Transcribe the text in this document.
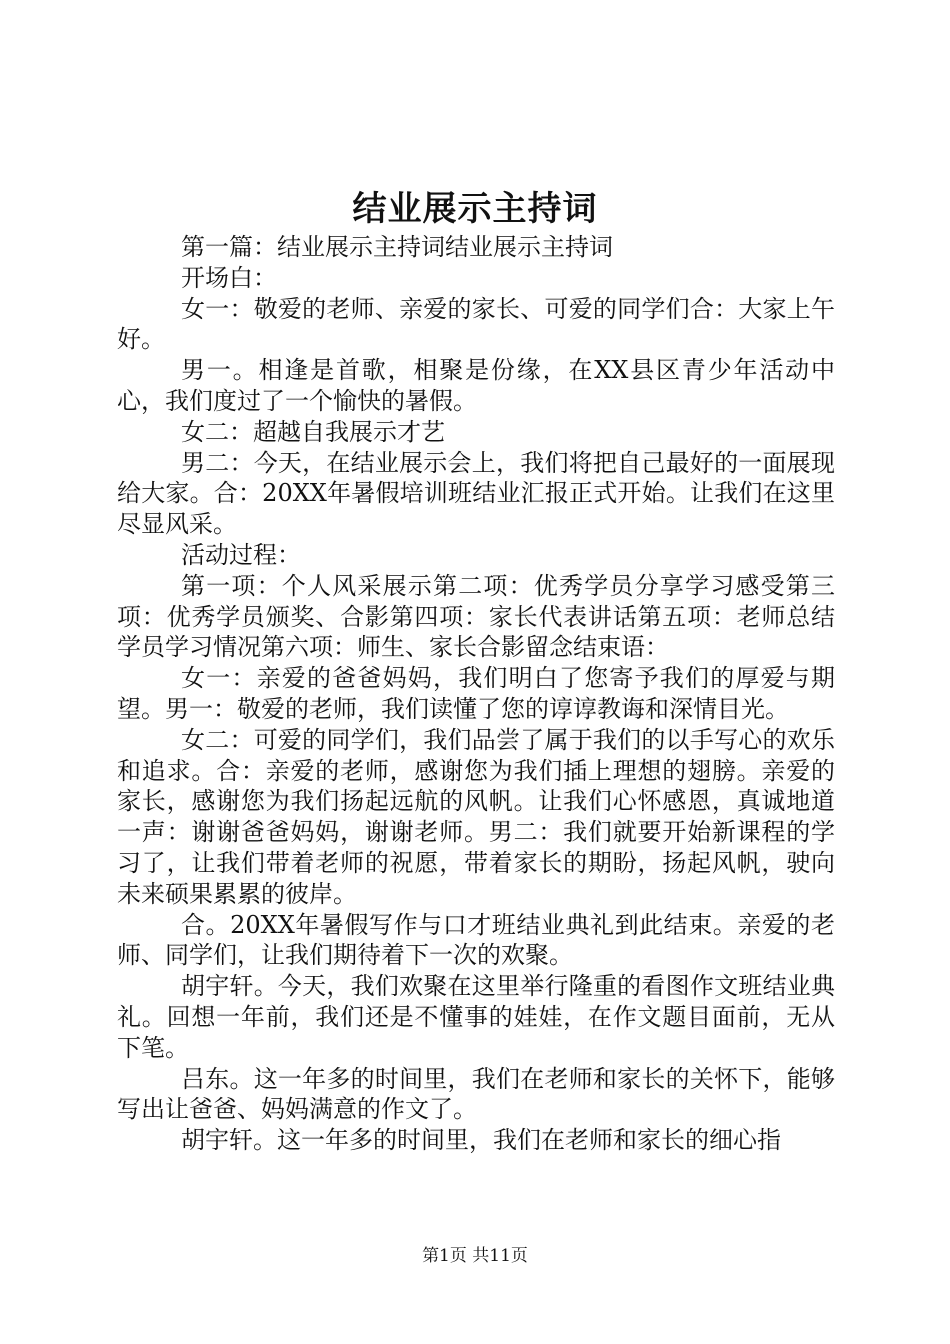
结业展示主持词

第一篇：结业展示主持词结业展示主持词

开场白：

女一：敬爱的老师、亲爱的家长、可爱的同学们合：大家上午好。

男一。相逢是首歌，相聚是份缘，在XX县区青少年活动中心，我们度过了一个愉快的暑假。

女二：超越自我展示才艺

男二：今天，在结业展示会上，我们将把自己最好的一面展现给大家。合：20XX年暑假培训班结业汇报正式开始。让我们在这里尽显风采。

活动过程：

第一项：个人风采展示第二项：优秀学员分享学习感受第三项：优秀学员颁奖、合影第四项：家长代表讲话第五项：老师总结学员学习情况第六项：师生、家长合影留念结束语：

女一：亲爱的爸爸妈妈，我们明白了您寄予我们的厚爱与期望。男一：敬爱的老师，我们读懂了您的谆谆教诲和深情目光。

女二：可爱的同学们，我们品尝了属于我们的以手写心的欢乐和追求。合：亲爱的老师，感谢您为我们插上理想的翅膀。亲爱的家长，感谢您为我们扬起远航的风帆。让我们心怀感恩，真诚地道一声：谢谢爸爸妈妈，谢谢老师。男二：我们就要开始新课程的学习了，让我们带着老师的祝愿，带着家长的期盼，扬起风帆，驶向未来硕果累累的彼岸。

合。20XX年暑假写作与口才班结业典礼到此结束。亲爱的老师、同学们，让我们期待着下一次的欢聚。

胡宇轩。今天，我们欢聚在这里举行隆重的看图作文班结业典礼。回想一年前，我们还是不懂事的娃娃，在作文题目面前，无从下笔。

吕东。这一年多的时间里，我们在老师和家长的关怀下，能够写出让爸爸、妈妈满意的作文了。

胡宇轩。这一年多的时间里，我们在老师和家长的细心指

第1页 共11页
